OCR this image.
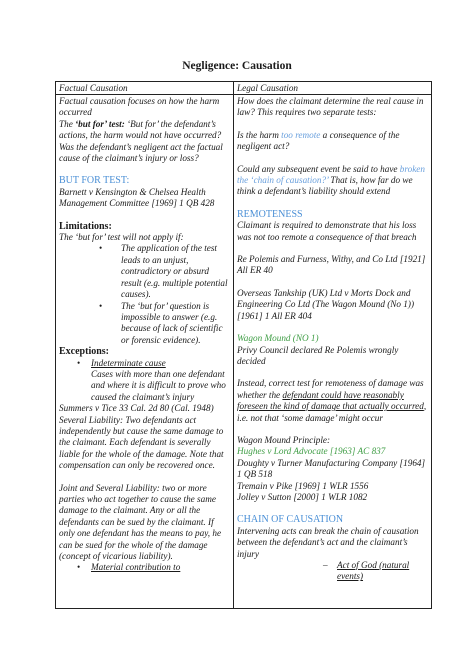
Negligence: Causation
Factual Causation

Factual causation focuses on how the harm occurred

The ‘but for’ test: ‘But for’ the defendant’s actions, the harm would not have occurred?

Was the defendant’s negligent act the factual cause of the claimant’s injury or loss?

BUT FOR TEST:

Barnett v Kensington & Chelsea Health Management Committee [1969] 1 QB 428

Limitations:

The ‘but for’ test will not apply if:

• The application of the test leads to an unjust, contradictory or absurd result (e.g. multiple potential causes).
• The ‘but for’ question is impossible to answer (e.g. because of lack of scientific or forensic evidence).

Exceptions:

• Indeterminate cause

Cases with more than one defendant and where it is difficult to prove who caused the claimant’s injury

Summers v Tice 33 Cal. 2d 80 (Cal. 1948)

Several Liability: Two defendants act independently but cause the same damage to the claimant. Each defendant is severally liable for the whole of the damage. Note that compensation can only be recovered once.

Joint and Several Liability: two or more parties who act together to cause the same damage to the claimant. Any or all the defendants can be sued by the claimant. If only one defendant has the means to pay, he can be sued for the whole of the damage (concept of vicarious liability).

• Material contribution to
Legal Causation

How does the claimant determine the real cause in law? This requires two separate tests:

Is the harm too remote a consequence of the negligent act?

Could any subsequent event be said to have broken the ‘chain of causation?’ That is, how far do we think a defendant’s liability should extend

REMOTENESS

Claimant is required to demonstrate that his loss was not too remote a consequence of that breach

Re Polemis and Furness, Withy, and Co Ltd [1921] All ER 40

Overseas Tankship (UK) Ltd v Morts Dock and Engineering Co Ltd (The Wagon Mound (No 1)) [1961] 1 All ER 404

Wagon Mound (NO 1)

Privy Council declared Re Polemis wrongly decided

Instead, correct test for remoteness of damage was whether the defendant could have reasonably foreseen the kind of damage that actually occurred, i.e. not that ‘some damage’ might occur

Wagon Mound Principle:

Hughes v Lord Advocate [1963] AC 837

Doughty v Turner Manufacturing Company [1964] 1 QB 518

Tremain v Pike [1969] 1 WLR 1556

Jolley v Sutton [2000] 1 WLR 1082

CHAIN OF CAUSATION

Intervening acts can break the chain of causation between the defendant’s act and the claimant’s injury

– Act of God (natural events)
